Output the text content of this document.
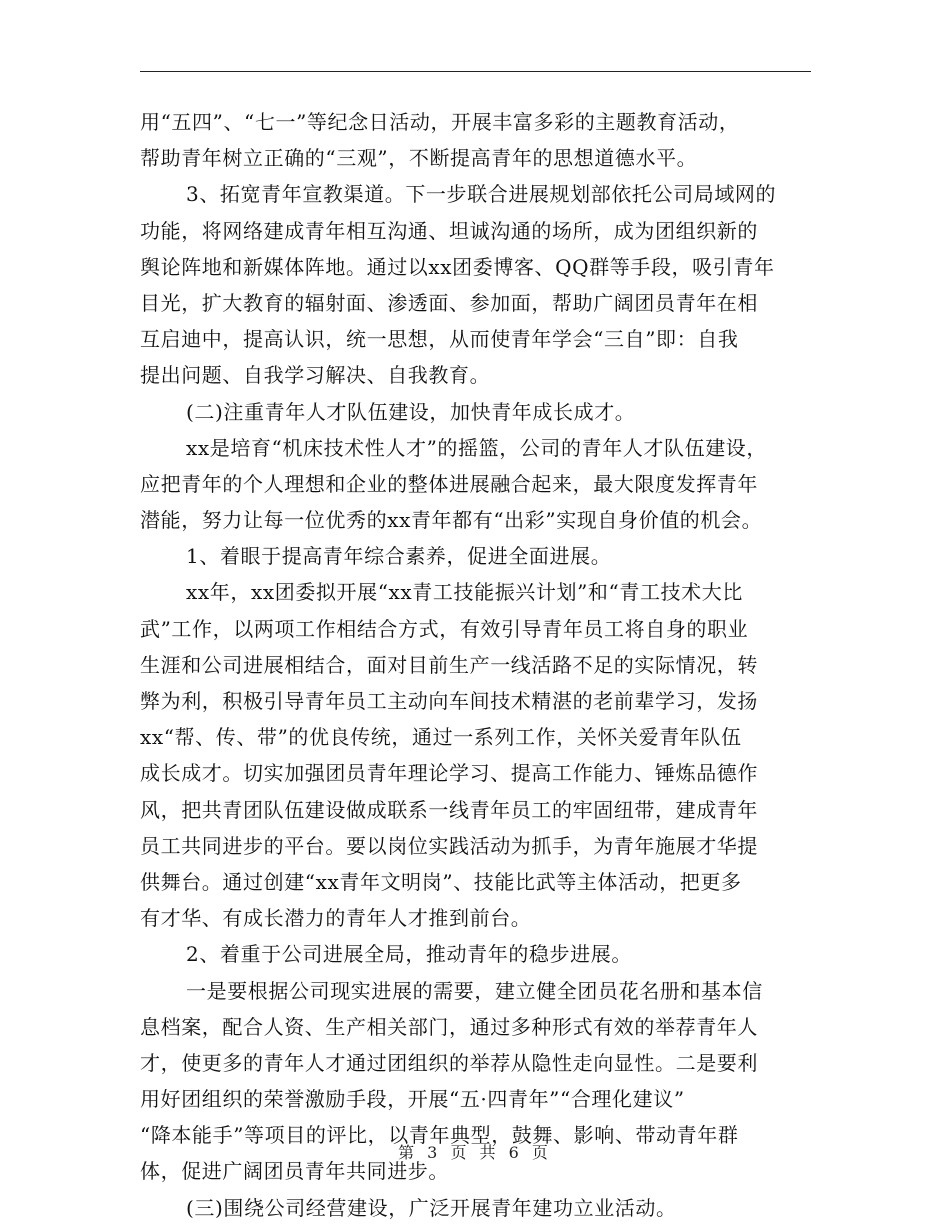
用“五四”、“七一”等纪念日活动，开展丰富多彩的主题教育活动，
帮助青年树立正确的“三观”，不断提高青年的思想道德水平。
3、拓宽青年宣教渠道。下一步联合进展规划部依托公司局域网的
功能，将网络建成青年相互沟通、坦诚沟通的场所，成为团组织新的
舆论阵地和新媒体阵地。通过以xx团委博客、QQ群等手段，吸引青年
目光，扩大教育的辐射面、渗透面、参加面，帮助广阔团员青年在相
互启迪中，提高认识，统一思想，从而使青年学会“三自”即：自我
提出问题、自我学习解决、自我教育。
(二)注重青年人才队伍建设，加快青年成长成才。
xx是培育“机床技术性人才”的摇篮，公司的青年人才队伍建设，
应把青年的个人理想和企业的整体进展融合起来，最大限度发挥青年
潜能，努力让每一位优秀的xx青年都有“出彩”实现自身价值的机会。
1、着眼于提高青年综合素养，促进全面进展。
xx年，xx团委拟开展“xx青工技能振兴计划”和“青工技术大比
武”工作，以两项工作相结合方式，有效引导青年员工将自身的职业
生涯和公司进展相结合，面对目前生产一线活路不足的实际情况，转
弊为利，积极引导青年员工主动向车间技术精湛的老前辈学习，发扬
xx“帮、传、带”的优良传统，通过一系列工作，关怀关爱青年队伍
成长成才。切实加强团员青年理论学习、提高工作能力、锤炼品德作
风，把共青团队伍建设做成联系一线青年员工的牢固纽带，建成青年
员工共同进步的平台。要以岗位实践活动为抓手，为青年施展才华提
供舞台。通过创建“xx青年文明岗”、技能比武等主体活动，把更多
有才华、有成长潜力的青年人才推到前台。
2、着重于公司进展全局，推动青年的稳步进展。
一是要根据公司现实进展的需要，建立健全团员花名册和基本信
息档案，配合人资、生产相关部门，通过多种形式有效的举荐青年人
才，使更多的青年人才通过团组织的举荐从隐性走向显性。二是要利
用好团组织的荣誉激励手段，开展“五·四青年”“合理化建议”
“降本能手”等项目的评比，以青年典型，鼓舞、影响、带动青年群
体，促进广阔团员青年共同进步。
(三)围绕公司经营建设，广泛开展青年建功立业活动。
第 3 页 共 6 页
